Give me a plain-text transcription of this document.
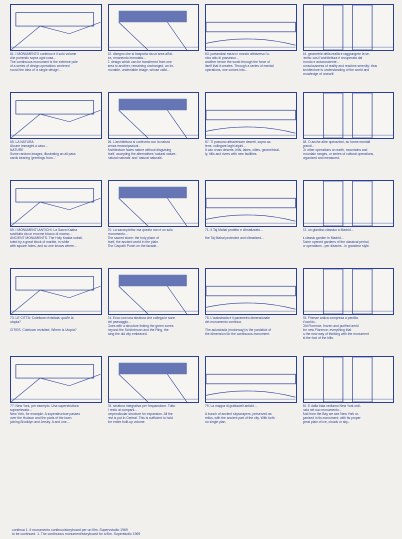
61. I MONUMENTO continuo è il solo volume
che ponendo sopra ogni cosa...
The continuous monument is the extreme pole
of a series of design operations centered
round the idea of 'a single design'...
62. disegno che si trasporta da un'area all'al-
tra, rimanendo immutato...
2. design which can be transferred from one
area to another, remaining unchanged, an im-
movable, undeniable image, whose valid...
63. portandosi mezzo i mondo attraverso l'u-
nico atto di possesso...
another hence the world through the force of
itself that it creates. Through a series of mental
operations, one comes into...
64. geometrie della realtà e raggiungere la se-
renità: così l'architettura è recuperata dal
mondo e autocosciente...
consciousness of reality and reaches serenity: thus
architecture is understanding of the world and
knowledge of oneself.
65. LA NATURA
Alcune immagini a caso...
NATURE
Some random images, illustrating an all pass
cards bearing 'greetings from...'
66. L'architettura si confronta con la natura
senza emancipazioni...
Architecture faces nature without disguising
itself, accepting the alternatives 'natural nature-
natural naturals' and 'natural naturals'.
67. Ti possono attraversare deserti, sopra ca-
tene, collegare laghi alpini...
It can cross deserts, hills, lakes, cities, geometrical-
ly, hills and rivers with new facilities.
68. O anche altre operazioni, su forme mentali
grandi...
Or other operations on earth, mountains and
mountain ranges, or series of cultural operations,
organized and measured.
69. I MONUMENTI ANTICHI. La Sacra Kaaba
sostituita da un enorme blocco di marmo...
ANCIENT MONUMENTS. The Holy Kaaba substi-
tuted by a great block of marble, in white
with square holes, and so one knows where...
70. La sacra pietra: ma questo non è un solo
monumento...
The sacred stone: the holy place of
itself, the ancient world in the plain.
The Carpath Porch on the facade...
71. Il Taj Mahal protetto e climatizzato...

the Taj Mahal protected and climatized...
72. un giardino classico a Madrid...

a classic garden in Madrid...
Some opened gardens of the classical period,
or operations - per disavirs - in grandeur style.
73. LE CITTÀ: Colettown rivisitata: qual'è la
utopia?

CITIES. Coletown revisited. Where is Utopia?
74. Ecco con una struttura che collega le sone
del paesaggio...
Goes with a structure linking the green zones
beyond the Schönbrunn and the Ring, the
wing the old city embraced.
75. L'autostrada è il parametro dimensionale
del monumento continuo.

The autostrada (motorway) is the yardstick of
the dimension for the continuous monument.
76. Firenze antica compresa a perdita
d'occhio...
Old Florence, frozen and purified amid
the new Florence; everything that
is the new way of thinking with the monument
at the foot of the hills.
77. New York, per esempio. Una superstruttura
sopraelevata...
New York, for example. A superstructure passes
over the Hudson and the parts of the town
joining Brooklyn and Jersey. A and one....
78. struttura integrativa per l'espansione. Tutto
il resto ai comparti...
perpendicular structure for expansion. All the
rest is put in Central. This is sufficient to hold
the entire built-up volume.
79. La mappa di grattacieli antichi...

A bunch of ancient skyscrapers, preserved as
relics, with the ancient part of the city. With both
no single plan.
80. E dalla baia vediamo New York ordi-
nata nel suo monumento...
And from the Bay we see New York or-
ganized in its monument, with its proper
great plain of ice, clouds or sky...
continua 1. Il monumento continuo/storyboard per un film. Supervstudio 1969
to be continued. 1. The continuous monument/storyboard for a film. Superstudio 1969
